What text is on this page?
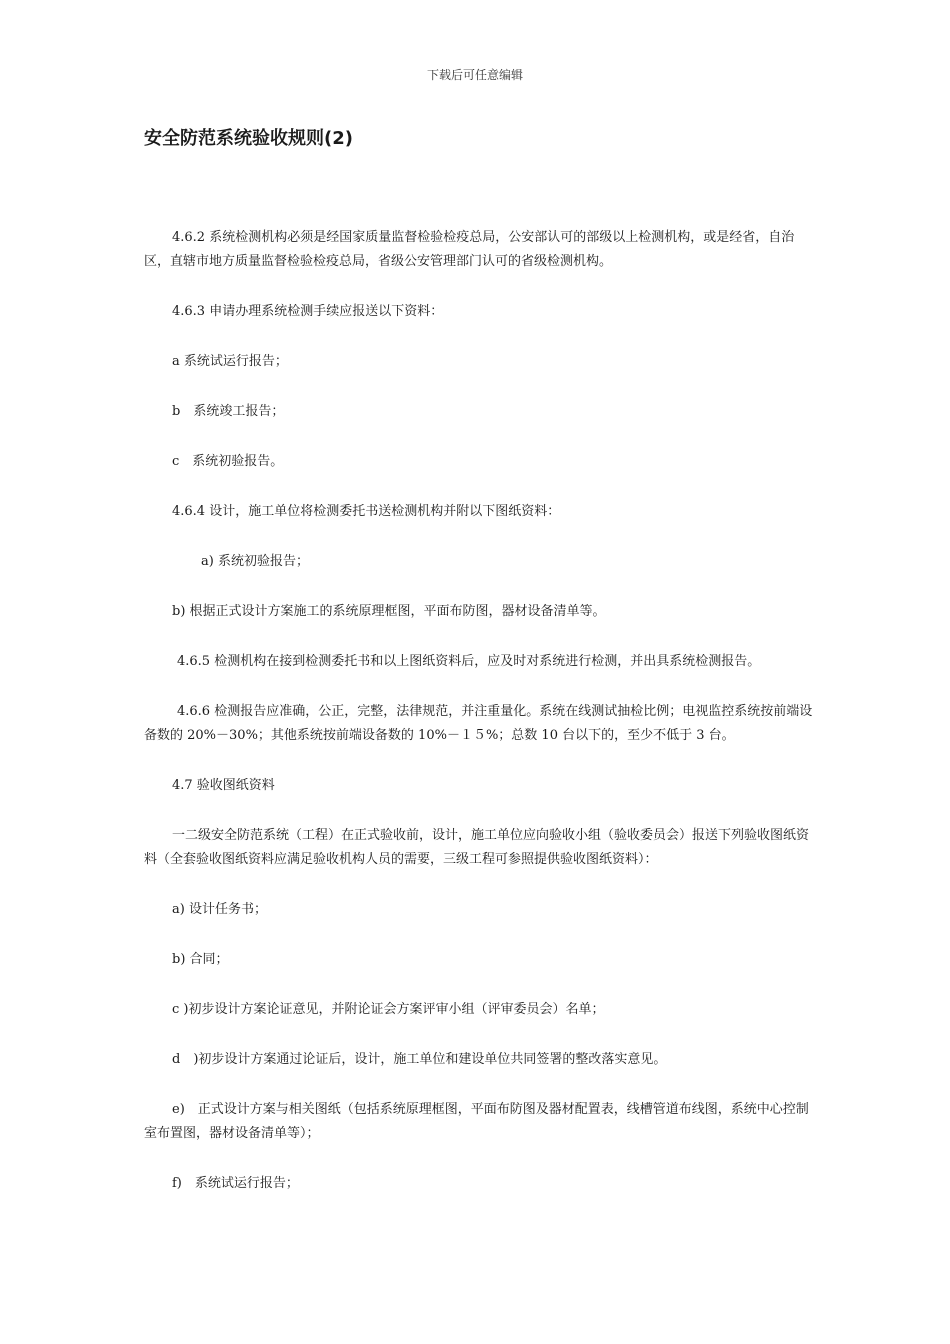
下载后可任意编辑
安全防范系统验收规则(2)

4.6.2 系统检测机构必须是经国家质量监督检验检疫总局，公安部认可的部级以上检测机构，或是经省，自治区，直辖市地方质量监督检验检疫总局，省级公安管理部门认可的省级检测机构。

4.6.3 申请办理系统检测手续应报送以下资料：

a 系统试运行报告；

b　系统竣工报告；

c　系统初验报告。

4.6.4 设计，施工单位将检测委托书送检测机构并附以下图纸资料：

a) 系统初验报告；

b) 根据正式设计方案施工的系统原理框图，平面布防图，器材设备清单等。

4.6.5 检测机构在接到检测委托书和以上图纸资料后，应及时对系统进行检测，并出具系统检测报告。

4.6.6 检测报告应准确，公正，完整，法律规范，并注重量化。系统在线测试抽检比例；电视监控系统按前端设备数的 20%－30%；其他系统按前端设备数的 10%－１５%；总数 10 台以下的，至少不低于 3 台。

4.7 验收图纸资料

一二级安全防范系统（工程）在正式验收前，设计，施工单位应向验收小组（验收委员会）报送下列验收图纸资料（全套验收图纸资料应满足验收机构人员的需要，三级工程可参照提供验收图纸资料）：

a) 设计任务书；

b) 合同；

c )初步设计方案论证意见，并附论证会方案评审小组（评审委员会）名单；

d　)初步设计方案通过论证后，设计，施工单位和建设单位共同签署的整改落实意见。

e)　正式设计方案与相关图纸（包括系统原理框图，平面布防图及器材配置表，线槽管道布线图，系统中心控制室布置图，器材设备清单等）；

f)　系统试运行报告；
